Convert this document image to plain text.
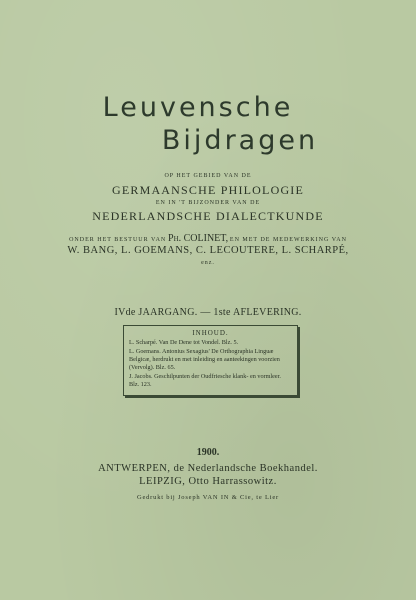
Leuvensche
Bijdragen
OP HET GEBIED VAN DE
GERMAANSCHE PHILOLOGIE
EN IN 'T BIJZONDER VAN DE
NEDERLANDSCHE DIALECTKUNDE
ONDER HET BESTUUR VAN Ph. COLINET, EN MET DE MEDEWERKING VAN
W. BANG, L. GOEMANS, C. LECOUTERE, L. SCHARPÉ,
enz.
IVde JAARGANG. — 1ste AFLEVERING.
INHOUD.
L. Scharpé. Van De Dene tot Vondel. Blz. 5.
L. Goemans. Antonius Sexagius' De Orthographia Linguæ Belgicæ, herdrukt en met inleiding en aanteekingen voorzien (Vervolg). Blz. 65.
J. Jacobs. Geschilpunten der Oudfriesche klank- en vormleer. Blz. 123.
1900.
ANTWERPEN, de Nederlandsche Boekhandel.
LEIPZIG, Otto Harrassowitz.
Gedrukt bij Joseph VAN IN & Cie, te Lier
